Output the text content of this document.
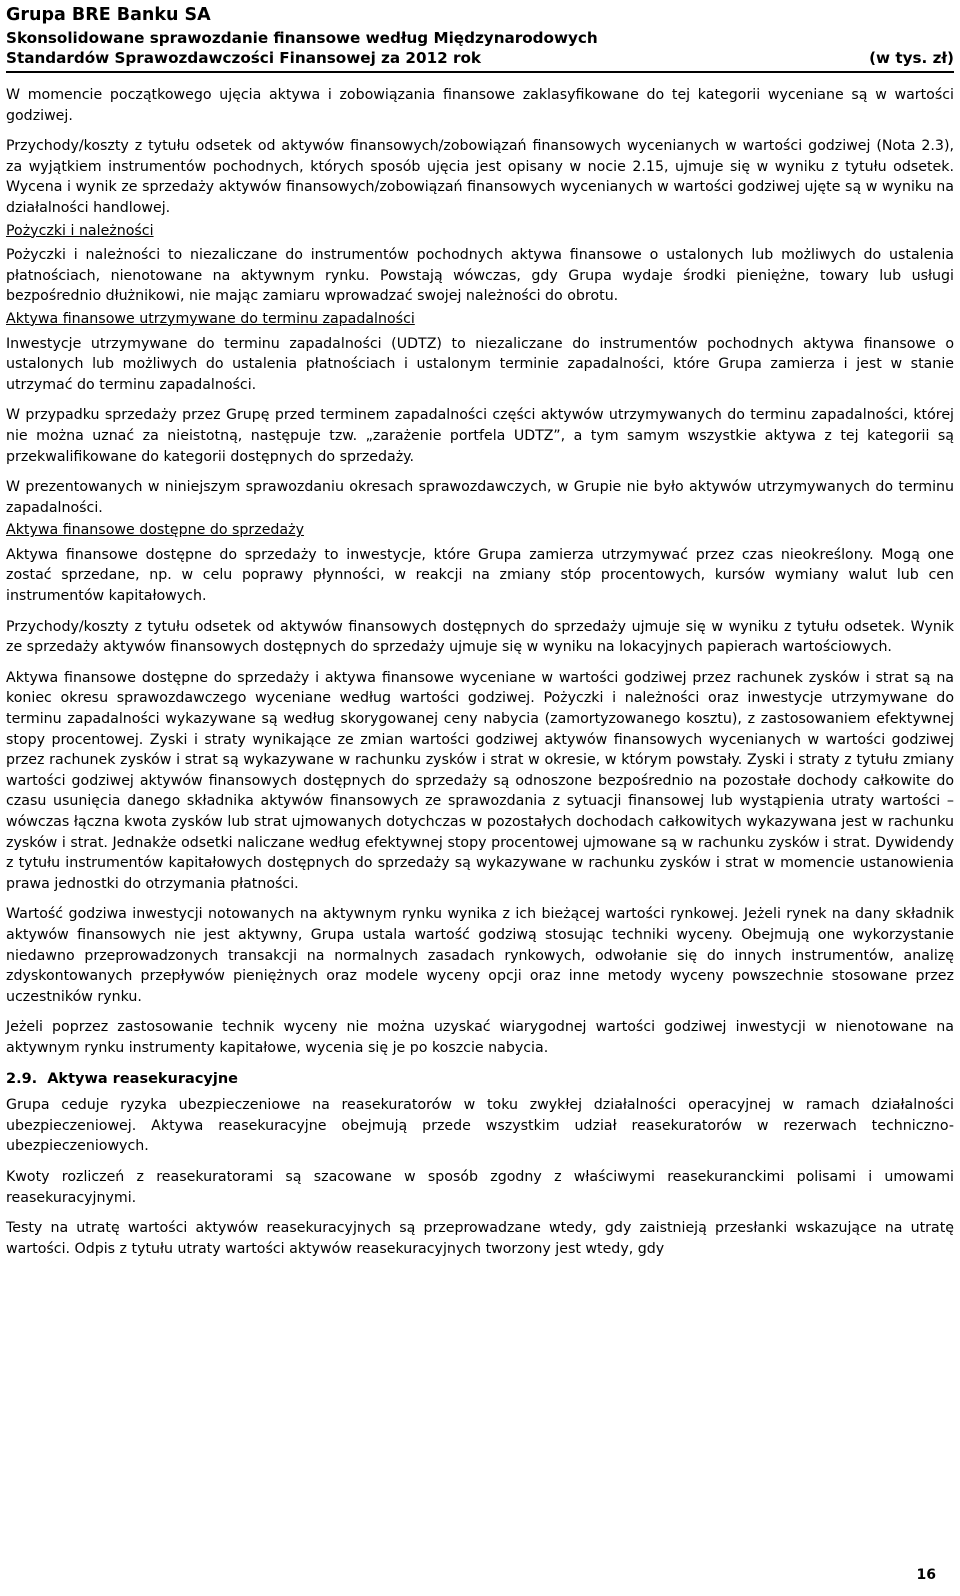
Grupa BRE Banku SA
Skonsolidowane sprawozdanie finansowe według Międzynarodowych
Standardów Sprawozdawczości Finansowej za 2012 rok	(w tys. zł)

W momencie początkowego ujęcia aktywa i zobowiązania finansowe zaklasyfikowane do tej kategorii wyceniane są w wartości godziwej.

Przychody/koszty z tytułu odsetek od aktywów finansowych/zobowiązań finansowych wycenianych w wartości godziwej (Nota 2.3), za wyjątkiem instrumentów pochodnych, których sposób ujęcia jest opisany w nocie 2.15, ujmuje się w wyniku z tytułu odsetek. Wycena i wynik ze sprzedaży aktywów finansowych/zobowiązań finansowych wycenianych w wartości godziwej ujęte są w wyniku na działalności handlowej.

Pożyczki i należności

Pożyczki i należności to niezaliczane do instrumentów pochodnych aktywa finansowe o ustalonych lub możliwych do ustalenia płatnościach, nienotowane na aktywnym rynku. Powstają wówczas, gdy Grupa wydaje środki pieniężne, towary lub usługi bezpośrednio dłużnikowi, nie mając zamiaru wprowadzać swojej należności do obrotu.

Aktywa finansowe utrzymywane do terminu zapadalności

Inwestycje utrzymywane do terminu zapadalności (UDTZ) to niezaliczane do instrumentów pochodnych aktywa finansowe o ustalonych lub możliwych do ustalenia płatnościach i ustalonym terminie zapadalności, które Grupa zamierza i jest w stanie utrzymać do terminu zapadalności.

W przypadku sprzedaży przez Grupę przed terminem zapadalności części aktywów utrzymywanych do terminu zapadalności, której nie można uznać za nieistotną, następuje tzw. „zarażenie portfela UDTZ”, a tym samym wszystkie aktywa z tej kategorii są przekwalifikowane do kategorii dostępnych do sprzedaży.

W prezentowanych w niniejszym sprawozdaniu okresach sprawozdawczych, w Grupie nie było aktywów utrzymywanych do terminu zapadalności.

Aktywa finansowe dostępne do sprzedaży

Aktywa finansowe dostępne do sprzedaży to inwestycje, które Grupa zamierza utrzymywać przez czas nieokreślony. Mogą one zostać sprzedane, np. w celu poprawy płynności, w reakcji na zmiany stóp procentowych, kursów wymiany walut lub cen instrumentów kapitałowych.

Przychody/koszty z tytułu odsetek od aktywów finansowych dostępnych do sprzedaży ujmuje się w wyniku z tytułu odsetek. Wynik ze sprzedaży aktywów finansowych dostępnych do sprzedaży ujmuje się w wyniku na lokacyjnych papierach wartościowych.

Aktywa finansowe dostępne do sprzedaży i aktywa finansowe wyceniane w wartości godziwej przez rachunek zysków i strat są na koniec okresu sprawozdawczego wyceniane według wartości godziwej. Pożyczki i należności oraz inwestycje utrzymywane do terminu zapadalności wykazywane są według skorygowanej ceny nabycia (zamortyzowanego kosztu), z zastosowaniem efektywnej stopy procentowej. Zyski i straty wynikające ze zmian wartości godziwej aktywów finansowych wycenianych w wartości godziwej przez rachunek zysków i strat są wykazywane w rachunku zysków i strat w okresie, w którym powstały. Zyski i straty z tytułu zmiany wartości godziwej aktywów finansowych dostępnych do sprzedaży są odnoszone bezpośrednio na pozostałe dochody całkowite do czasu usunięcia danego składnika aktywów finansowych ze sprawozdania z sytuacji finansowej lub wystąpienia utraty wartości – wówczas łączna kwota zysków lub strat ujmowanych dotychczas w pozostałych dochodach całkowitych wykazywana jest w rachunku zysków i strat. Jednakże odsetki naliczane według efektywnej stopy procentowej ujmowane są w rachunku zysków i strat. Dywidendy z tytułu instrumentów kapitałowych dostępnych do sprzedaży są wykazywane w rachunku zysków i strat w momencie ustanowienia prawa jednostki do otrzymania płatności.

Wartość godziwa inwestycji notowanych na aktywnym rynku wynika z ich bieżącej wartości rynkowej. Jeżeli rynek na dany składnik aktywów finansowych nie jest aktywny, Grupa ustala wartość godziwą stosując techniki wyceny. Obejmują one wykorzystanie niedawno przeprowadzonych transakcji na normalnych zasadach rynkowych, odwołanie się do innych instrumentów, analizę zdyskontowanych przepływów pieniężnych oraz modele wyceny opcji oraz inne metody wyceny powszechnie stosowane przez uczestników rynku.

Jeżeli poprzez zastosowanie technik wyceny nie można uzyskać wiarygodnej wartości godziwej inwestycji w nienotowane na aktywnym rynku instrumenty kapitałowe, wycenia się je po koszcie nabycia.

2.9. Aktywa reasekuracyjne

Grupa ceduje ryzyka ubezpieczeniowe na reasekuratorów w toku zwykłej działalności operacyjnej w ramach działalności ubezpieczeniowej. Aktywa reasekuracyjne obejmują przede wszystkim udział reasekuratorów w rezerwach techniczno-ubezpieczeniowych.

Kwoty rozliczeń z reasekuratorami są szacowane w sposób zgodny z właściwymi reasekuranckimi polisami i umowami reasekuracyjnymi.

Testy na utratę wartości aktywów reasekuracyjnych są przeprowadzane wtedy, gdy zaistnieją przesłanki wskazujące na utratę wartości. Odpis z tytułu utraty wartości aktywów reasekuracyjnych tworzony jest wtedy, gdy

16
